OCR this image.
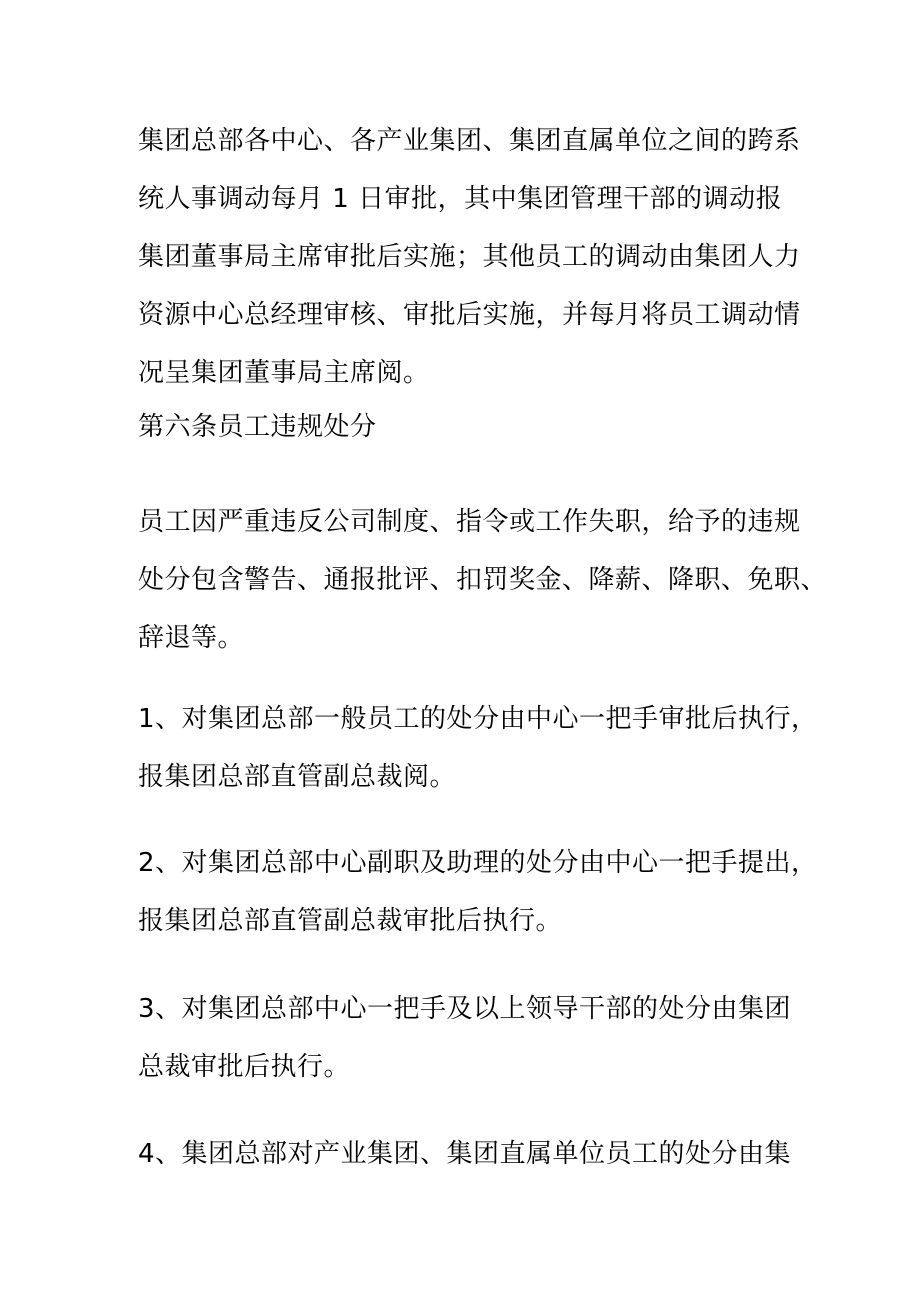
集团总部各中心、各产业集团、集团直属单位之间的跨系
统人事调动每月 1 日审批，其中集团管理干部的调动报
集团董事局主席审批后实施；其他员工的调动由集团人力
资源中心总经理审核、审批后实施，并每月将员工调动情
况呈集团董事局主席阅。
第六条员工违规处分
员工因严重违反公司制度、指令或工作失职，给予的违规
处分包含警告、通报批评、扣罚奖金、降薪、降职、免职、
辞退等。
1、对集团总部一般员工的处分由中心一把手审批后执行，
报集团总部直管副总裁阅。
2、对集团总部中心副职及助理的处分由中心一把手提出，
报集团总部直管副总裁审批后执行。
3、对集团总部中心一把手及以上领导干部的处分由集团
总裁审批后执行。
4、集团总部对产业集团、集团直属单位员工的处分由集
